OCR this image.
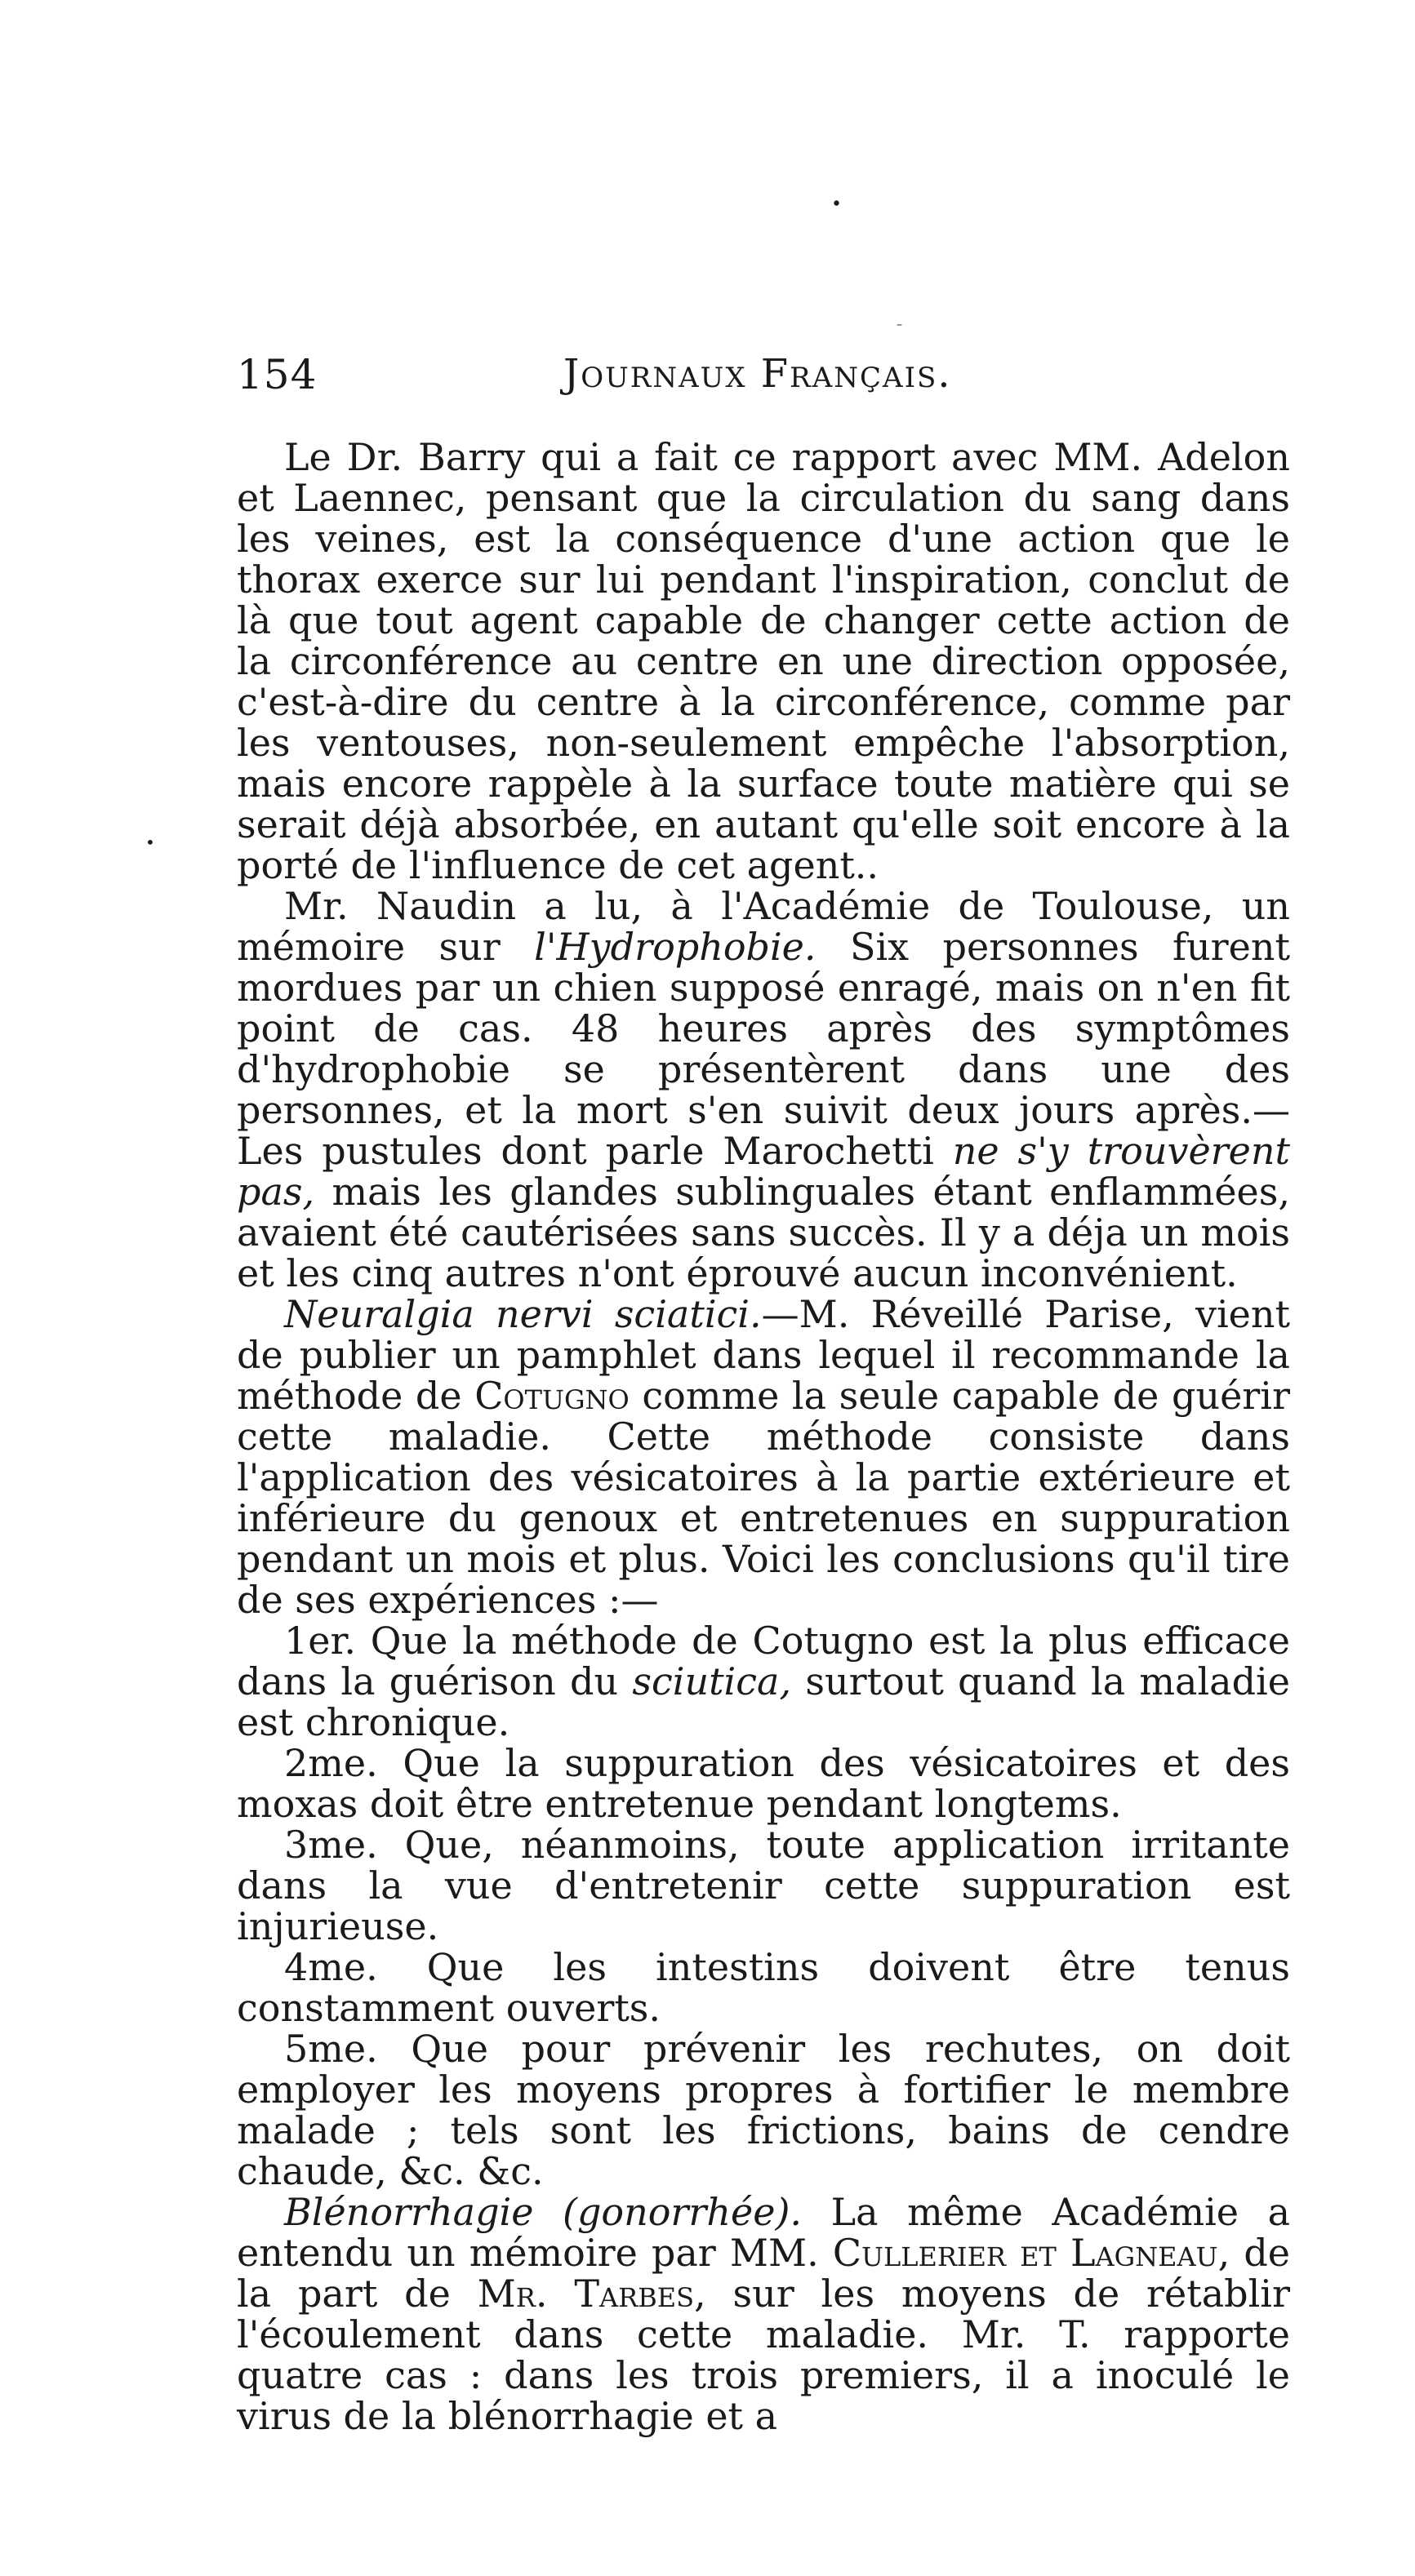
•
–
•
154	Journaux Français.

Le Dr. Barry qui a fait ce rapport avec MM. Adelon et Laennec, pensant que la circulation du sang dans les veines, est la conséquence d'une action que le thorax exerce sur lui pendant l'inspiration, conclut de là que tout agent capable de changer cette action de la circonférence au centre en une direction opposée, c'est-à-dire du centre à la circonférence, comme par les ventouses, non-seulement empêche l'absorption, mais encore rappèle à la surface toute matière qui se serait déjà absorbée, en autant qu'elle soit encore à la porté de l'influence de cet agent..

Mr. Naudin a lu, à l'Académie de Toulouse, un mémoire sur l'Hydrophobie. Six personnes furent mordues par un chien supposé enragé, mais on n'en fit point de cas. 48 heures après des symptômes d'hydrophobie se présentèrent dans une des personnes, et la mort s'en suivit deux jours après.—Les pustules dont parle Marochetti ne s'y trouvèrent pas, mais les glandes sublinguales étant enflammées, avaient été cautérisées sans succès. Il y a déja un mois et les cinq autres n'ont éprouvé aucun inconvénient.

Neuralgia nervi sciatici.—M. Réveillé Parise, vient de publier un pamphlet dans lequel il recommande la méthode de Cotugno comme la seule capable de guérir cette maladie. Cette méthode consiste dans l'application des vésicatoires à la partie extérieure et inférieure du genoux et entretenues en suppuration pendant un mois et plus. Voici les conclusions qu'il tire de ses expériences :—

1er. Que la méthode de Cotugno est la plus efficace dans la guérison du sciutica, surtout quand la maladie est chronique.

2me. Que la suppuration des vésicatoires et des moxas doit être entretenue pendant longtems.

3me. Que, néanmoins, toute application irritante dans la vue d'entretenir cette suppuration est injurieuse.

4me. Que les intestins doivent être tenus constamment ouverts.

5me. Que pour prévenir les rechutes, on doit employer les moyens propres à fortifier le membre malade ; tels sont les frictions, bains de cendre chaude, &c. &c.

Blénorrhagie (gonorrhée). La même Académie a entendu un mémoire par MM. Cullerier et Lagneau, de la part de Mr. Tarbes, sur les moyens de rétablir l'écoulement dans cette maladie. Mr. T. rapporte quatre cas : dans les trois premiers, il a inoculé le virus de la blénorrhagie et a
